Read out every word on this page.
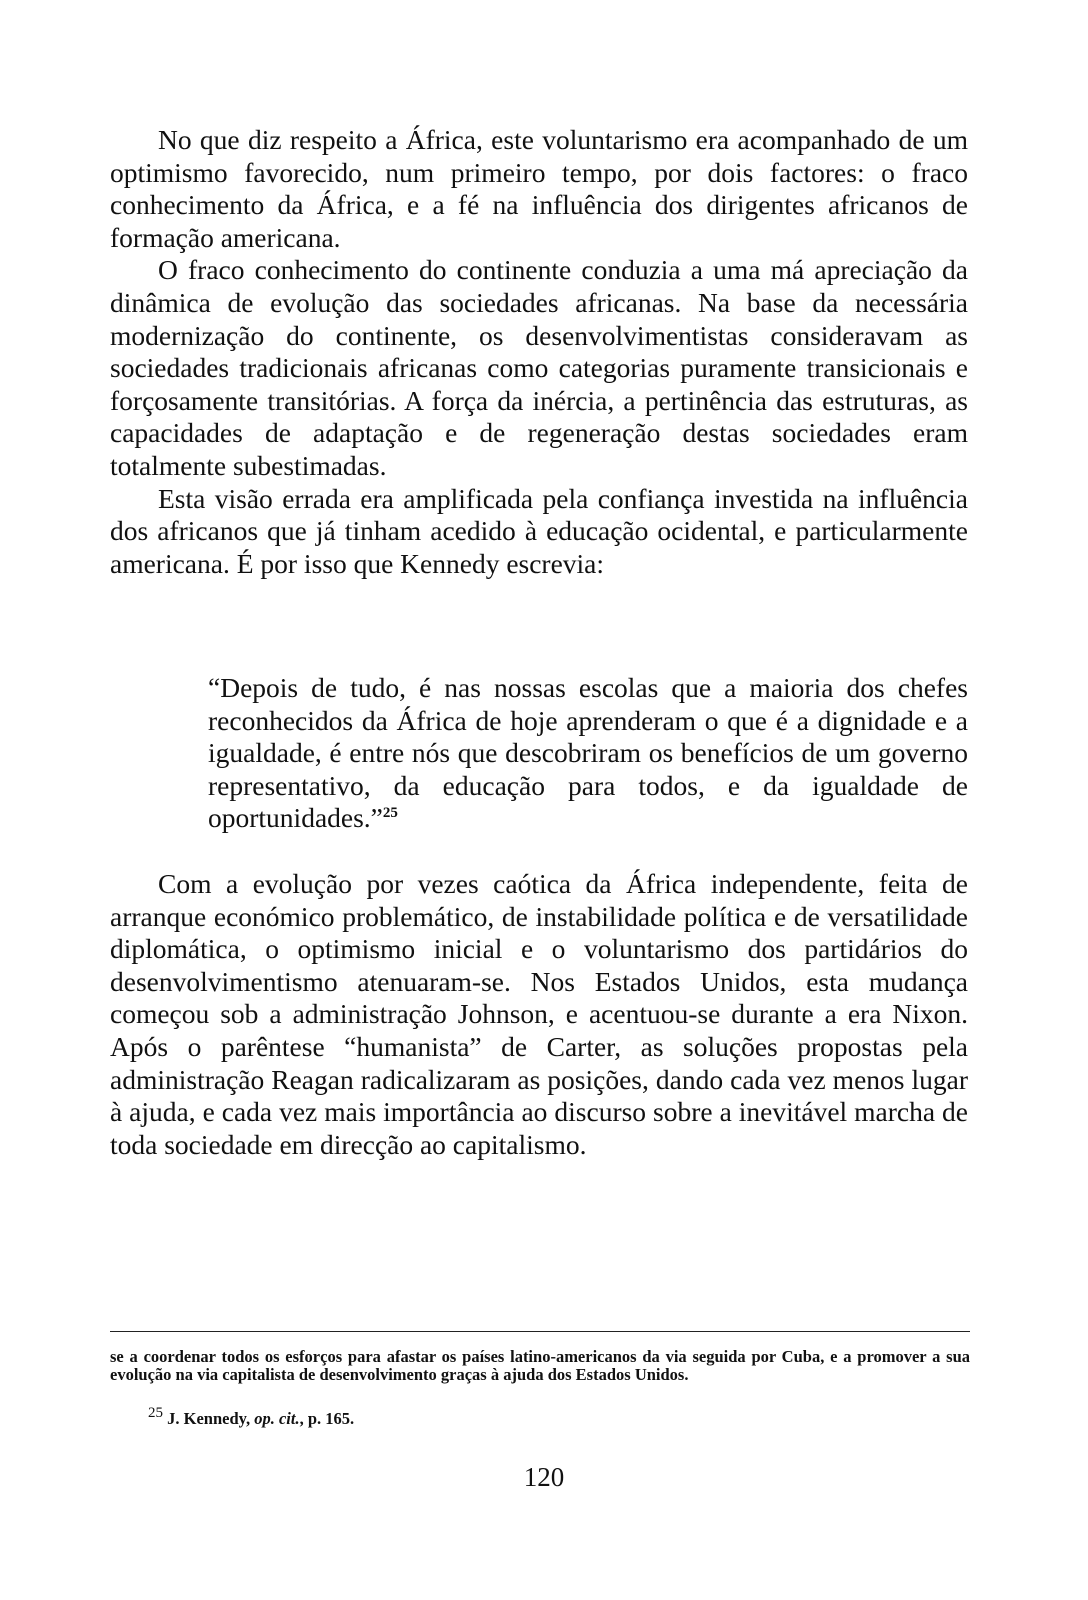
No que diz respeito a África, este voluntarismo era acompanhado de um optimismo favorecido, num primeiro tempo, por dois factores: o fraco conhecimento da África, e a fé na influência dos dirigentes africanos de formação americana.

O fraco conhecimento do continente conduzia a uma má apreciação da dinâmica de evolução das sociedades africanas. Na base da necessária modernização do continente, os desenvolvimentistas consideravam as sociedades tradicionais africanas como categorias puramente transicionais e forçosamente transitórias. A força da inércia, a pertinência das estruturas, as capacidades de adaptação e de regeneração destas sociedades eram totalmente subestimadas.

Esta visão errada era amplificada pela confiança investida na influência dos africanos que já tinham acedido à educação ocidental, e particularmente americana. É por isso que Kennedy escrevia:

“Depois de tudo, é nas nossas escolas que a maioria dos chefes reconhecidos da África de hoje aprenderam o que é a dignidade e a igualdade, é entre nós que descobriram os benefícios de um governo representativo, da educação para todos, e da igualdade de oportunidades.”$^{25}$

Com a evolução por vezes caótica da África independente, feita de arranque económico problemático, de instabilidade política e de versatilidade diplomática, o optimismo inicial e o voluntarismo dos partidários do desenvolvimentismo atenuaram-se. Nos Estados Unidos, esta mudança começou sob a administração Johnson, e acentuou-se durante a era Nixon. Após o parêntese “humanista” de Carter, as soluções propostas pela administração Reagan radicalizaram as posições, dando cada vez menos lugar à ajuda, e cada vez mais importância ao discurso sobre a inevitável marcha de toda sociedade em direcção ao capitalismo.

se a coordenar todos os esforços para afastar os países latino-americanos da via seguida por Cuba, e a promover a sua evolução na via capitalista de desenvolvimento graças à ajuda dos Estados Unidos.

$^{25}$ J. Kennedy, op. cit., p. 165.
120
